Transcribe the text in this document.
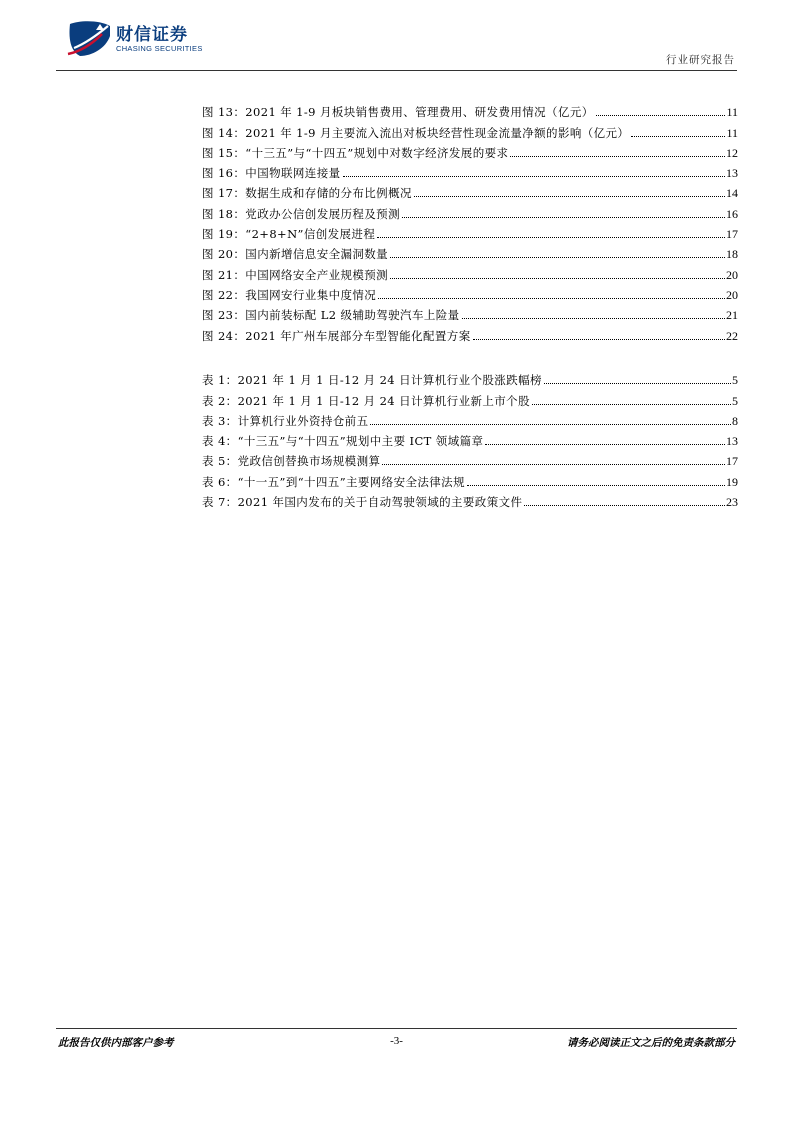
财信证券
CHASING SECURITIES
行业研究报告
图 13：2021 年 1-9 月板块销售费用、管理费用、研发费用情况（亿元）	11
图 14：2021 年 1-9 月主要流入流出对板块经营性现金流量净额的影响（亿元）	11
图 15：“十三五”与“十四五”规划中对数字经济发展的要求	12
图 16：中国物联网连接量	13
图 17：数据生成和存储的分布比例概况	14
图 18：党政办公信创发展历程及预测	16
图 19：“2+8+N”信创发展进程	17
图 20：国内新增信息安全漏洞数量	18
图 21：中国网络安全产业规模预测	20
图 22：我国网安行业集中度情况	20
图 23：国内前装标配 L2 级辅助驾驶汽车上险量	21
图 24：2021 年广州车展部分车型智能化配置方案	22
表 1：2021 年 1 月 1 日-12 月 24 日计算机行业个股涨跌幅榜	5
表 2：2021 年 1 月 1 日-12 月 24 日计算机行业新上市个股	5
表 3：计算机行业外资持仓前五	8
表 4：“十三五”与“十四五”规划中主要 ICT 领域篇章	13
表 5：党政信创替换市场规模测算	17
表 6：“十一五”到“十四五”主要网络安全法律法规	19
表 7：2021 年国内发布的关于自动驾驶领域的主要政策文件	23
此报告仅供内部客户参考	-3-	请务必阅读正文之后的免责条款部分
